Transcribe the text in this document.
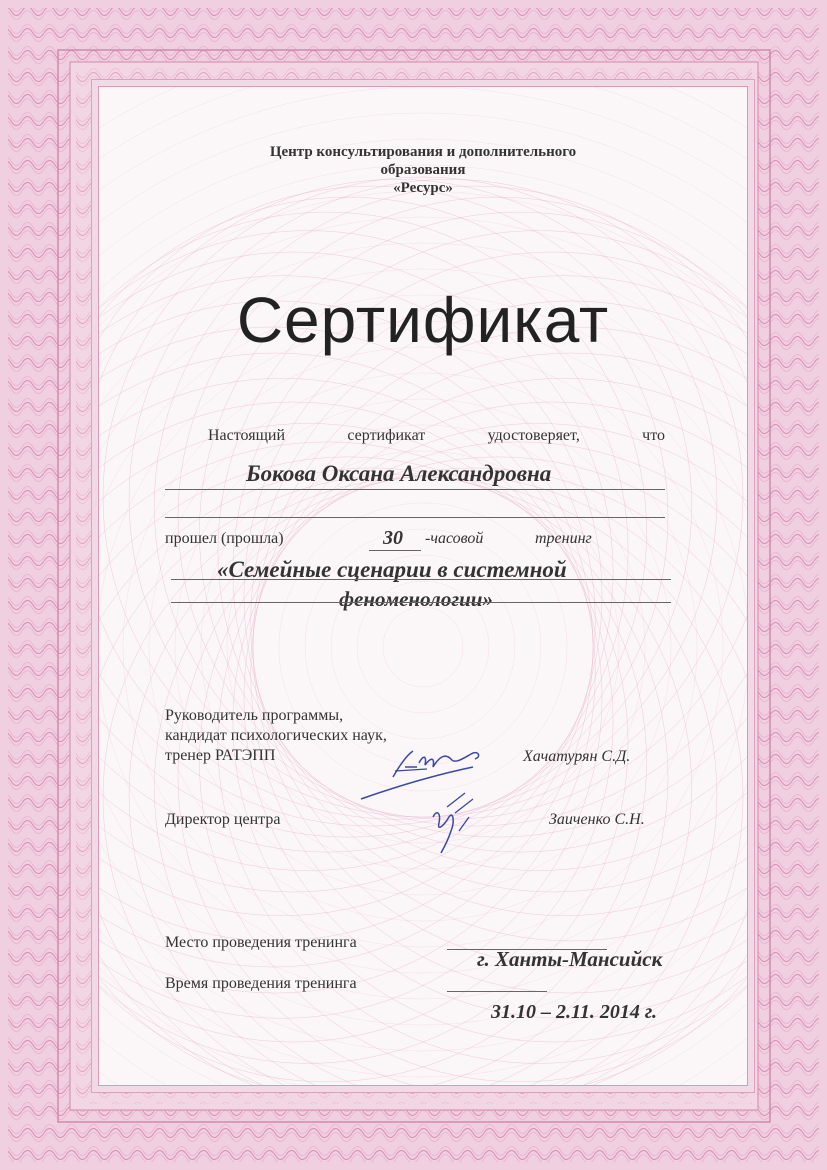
Центр консультирования и дополнительного
образования
«Ресурс»
Сертификат
Настоящий	сертификат	удостоверяет,	что
Бокова Оксана Александровна
прошел (прошла)	30 -часовой	тренинг
«Семейные сценарии в системной
феноменологии»
Руководитель программы,
кандидат психологических наук,
тренер РАТЭПП	Хачатурян С.Д.
Директор центра	Заиченко С.Н.
Место проведения тренинга
г. Ханты-Мансийск
Время проведения тренинга
31.10 – 2.11. 2014 г.
